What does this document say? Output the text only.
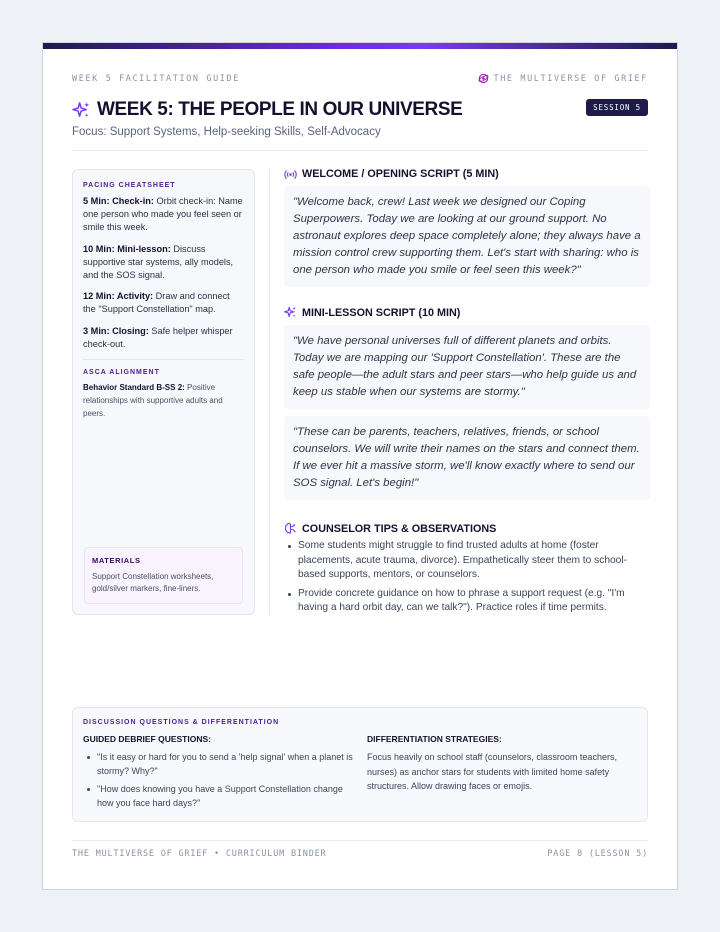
WEEK 5 FACILITATION GUIDE	THE MULTIVERSE OF GRIEF
WEEK 5: THE PEOPLE IN OUR UNIVERSE	SESSION 5
Focus: Support Systems, Help-seeking Skills, Self-Advocacy
PACING CHEATSHEET

5 Min: Check-in: Orbit check-in: Name one person who made you feel seen or smile this week.

10 Min: Mini-lesson: Discuss supportive star systems, ally models, and the SOS signal.

12 Min: Activity: Draw and connect the "Support Constellation" map.

3 Min: Closing: Safe helper whisper check-out.

ASCA ALIGNMENT

Behavior Standard B-SS 2: Positive relationships with supportive adults and peers.

MATERIALS
Support Constellation worksheets, gold/silver markers, fine-liners.
WELCOME / OPENING SCRIPT (5 MIN)
"Welcome back, crew! Last week we designed our Coping Superpowers. Today we are looking at our ground support. No astronaut explores deep space completely alone; they always have a mission control crew supporting them. Let's start with sharing: who is one person who made you smile or feel seen this week?"
MINI-LESSON SCRIPT (10 MIN)
"We have personal universes full of different planets and orbits. Today we are mapping our 'Support Constellation'. These are the safe people—the adult stars and peer stars—who help guide us and keep us stable when our systems are stormy."
"These can be parents, teachers, relatives, friends, or school counselors. We will write their names on the stars and connect them. If we ever hit a massive storm, we'll know exactly where to send our SOS signal. Let's begin!"
COUNSELOR TIPS & OBSERVATIONS
Some students might struggle to find trusted adults at home (foster placements, acute trauma, divorce). Empathetically steer them to school-based supports, mentors, or counselors.
Provide concrete guidance on how to phrase a support request (e.g. "I'm having a hard orbit day, can we talk?"). Practice roles if time permits.
DISCUSSION QUESTIONS & DIFFERENTIATION
GUIDED DEBRIEF QUESTIONS:
"Is it easy or hard for you to send a 'help signal' when a planet is stormy? Why?"
"How does knowing you have a Support Constellation change how you face hard days?"
DIFFERENTIATION STRATEGIES:

Focus heavily on school staff (counselors, classroom teachers, nurses) as anchor stars for students with limited home safety structures. Allow drawing faces or emojis.

THE MULTIVERSE OF GRIEF • CURRICULUM BINDER	PAGE 8 (LESSON 5)
